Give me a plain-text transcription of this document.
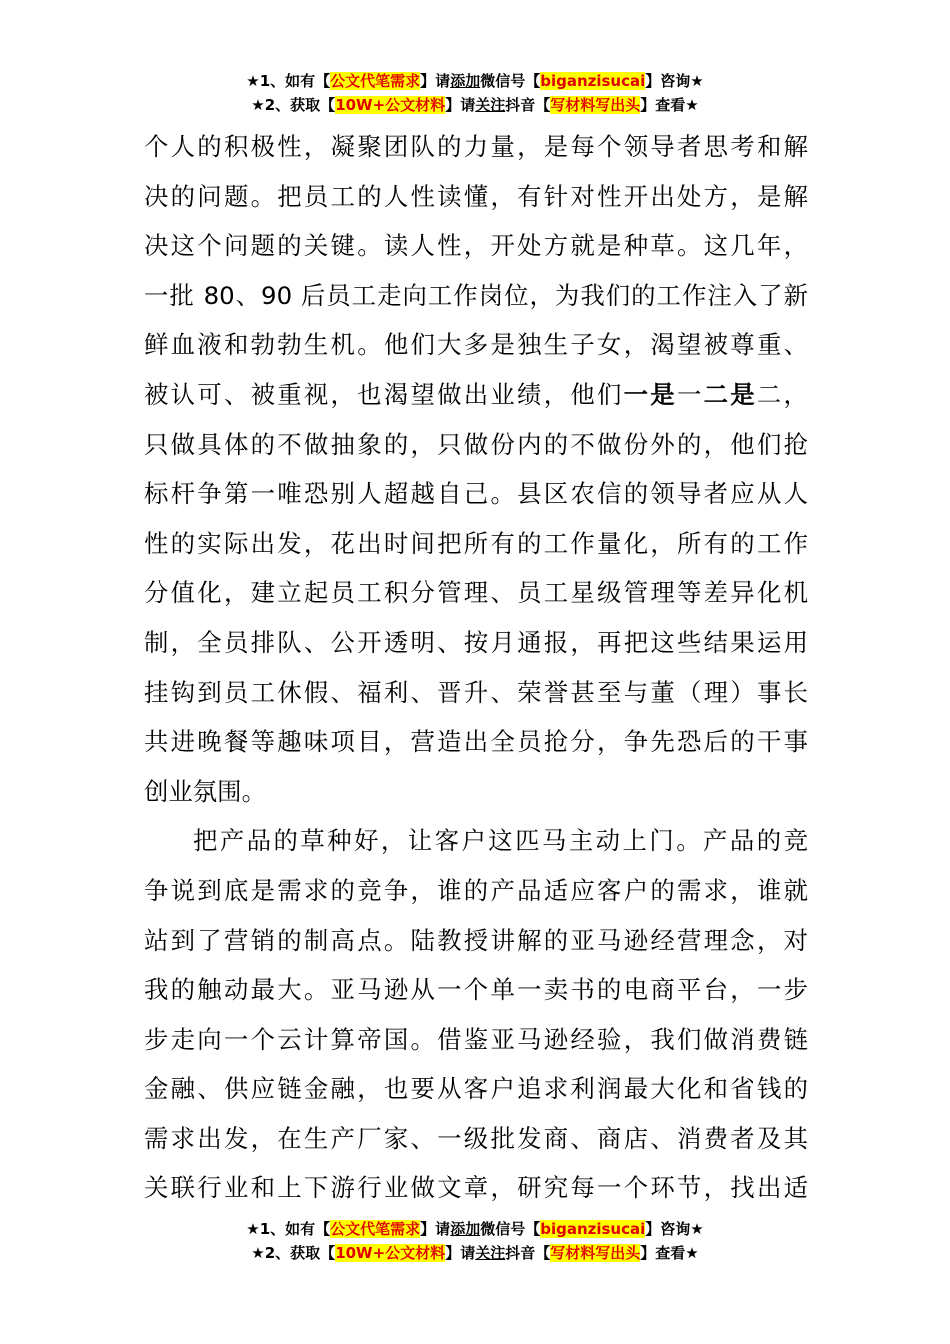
★1、如有【公文代笔需求】请添加微信号【biganzisucai】咨询★
★2、获取【10W+公文材料】请关注抖音【写材料写出头】查看★
个人的积极性，凝聚团队的力量，是每个领导者思考和解
决的问题。把员工的人性读懂，有针对性开出处方，是解
决这个问题的关键。读人性，开处方就是种草。这几年，
一批 80、90 后员工走向工作岗位，为我们的工作注入了新
鲜血液和勃勃生机。他们大多是独生子女，渴望被尊重、
被认可、被重视，也渴望做出业绩，他们一是一二是二，
只做具体的不做抽象的，只做份内的不做份外的，他们抢
标杆争第一唯恐别人超越自己。县区农信的领导者应从人
性的实际出发，花出时间把所有的工作量化，所有的工作
分值化，建立起员工积分管理、员工星级管理等差异化机
制，全员排队、公开透明、按月通报，再把这些结果运用
挂钩到员工休假、福利、晋升、荣誉甚至与董（理）事长
共进晚餐等趣味项目，营造出全员抢分，争先恐后的干事
创业氛围。
把产品的草种好，让客户这匹马主动上门。产品的竞
争说到底是需求的竞争，谁的产品适应客户的需求，谁就
站到了营销的制高点。陆教授讲解的亚马逊经营理念，对
我的触动最大。亚马逊从一个单一卖书的电商平台，一步
步走向一个云计算帝国。借鉴亚马逊经验，我们做消费链
金融、供应链金融，也要从客户追求利润最大化和省钱的
需求出发，在生产厂家、一级批发商、商店、消费者及其
关联行业和上下游行业做文章，研究每一个环节，找出适
★1、如有【公文代笔需求】请添加微信号【biganzisucai】咨询★
★2、获取【10W+公文材料】请关注抖音【写材料写出头】查看★
